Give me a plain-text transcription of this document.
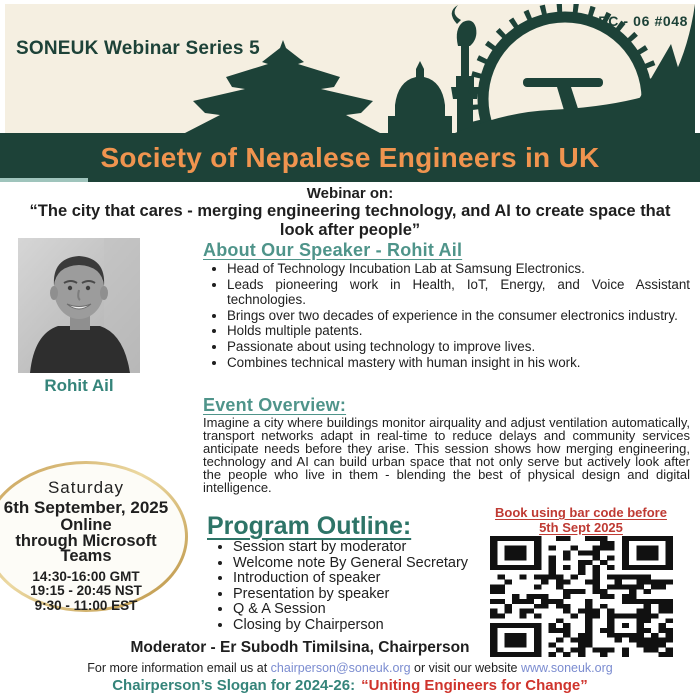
SONEUK Webinar Series 5
EC - 06 #048
Society of Nepalese Engineers in UK
Webinar on:
“The city that cares - merging engineering technology, and AI to create space that look after people”
Rohit Ail
About Our Speaker - Rohit Ail
• Head of Technology Incubation Lab at Samsung Electronics.
• Leads pioneering work in Health, IoT, Energy, and Voice Assistant technologies.
• Brings over two decades of experience in the consumer electronics industry.
• Holds multiple patents.
• Passionate about using technology to improve lives.
• Combines technical mastery with human insight in his work.
Event Overview:

Imagine a city where buildings monitor airquality and adjust ventilation automatically, transport networks adapt in real-time to reduce delays and community services anticipate needs before they arise. This session shows how merging engineering, technology and AI can build urban space that not only serve but actively look after the people who live in them - blending the best of physical design and digital intelligence.

Saturday
6th September, 2025
Online
through Microsoft
Teams
14:30-16:00 GMT
19:15 - 20:45 NST
9:30 - 11:00 EST
Program Outline:
• Session start by moderator
• Welcome note By General Secretary
• Introduction of speaker
• Presentation by speaker
• Q & A Session
• Closing by Chairperson
Book using bar code before
5th Sept 2025
Moderator - Er Subodh Timilsina, Chairperson
For more information email us at chairperson@soneuk.org or visit our website www.soneuk.org
Chairperson’s Slogan for 2024-26: “Uniting Engineers for Change”
